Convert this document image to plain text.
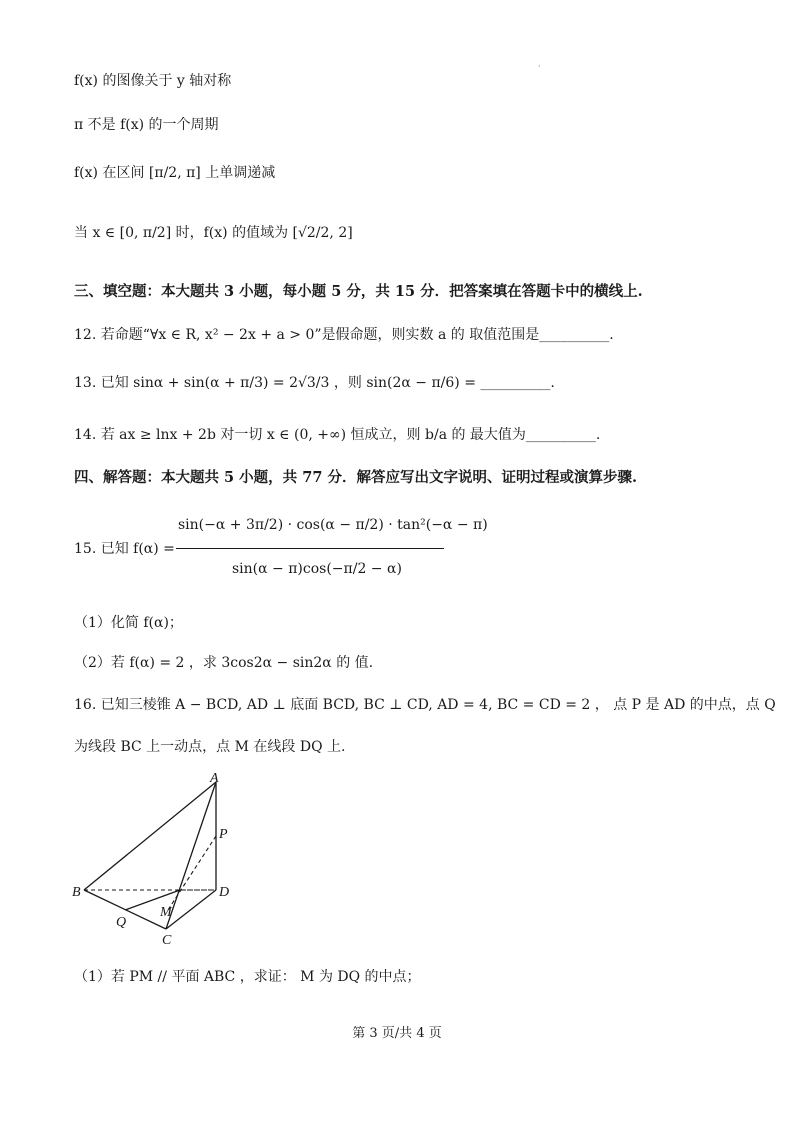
·
f(x) 的图像关于 y 轴对称
π 不是 f(x) 的一个周期
f(x) 在区间 [π/2, π] 上单调递减
当 x ∈ [0, π/2] 时，f(x) 的值域为 [√2/2, 2]
三、填空题：本大题共 3 小题，每小题 5 分，共 15 分．把答案填在答题卡中的横线上.
12. 若命题“∀x ∈ R, x² − 2x + a > 0”是假命题，则实数 a 的 取值范围是__________.
13. 已知 sinα + sin(α + π/3) = 2√3/3 ，则 sin(2α − π/6) = __________.
14. 若 ax ≥ lnx + 2b 对一切 x ∈ (0, +∞) 恒成立，则 b/a 的 最大值为__________.
四、解答题：本大题共 5 小题，共 77 分．解答应写出文字说明、证明过程或演算步骤.
15. 已知 f(α) =
sin(−α + 3π/2) · cos(α − π/2) · tan²(−α − π)
sin(α − π)cos(−π/2 − α)
（1）化简 f(α)；
（2）若 f(α) = 2 ，求 3cos2α − sin2α 的 值.
16. 已知三棱锥 A − BCD, AD ⊥ 底面 BCD, BC ⊥ CD, AD = 4, BC = CD = 2 ， 点 P 是 AD 的中点，点 Q
为线段 BC 上一动点，点 M 在线段 DQ 上.
A
B
C
D
P
Q
M
（1）若 PM // 平面 ABC ，求证： M 为 DQ 的中点；
第 3 页/共 4 页
